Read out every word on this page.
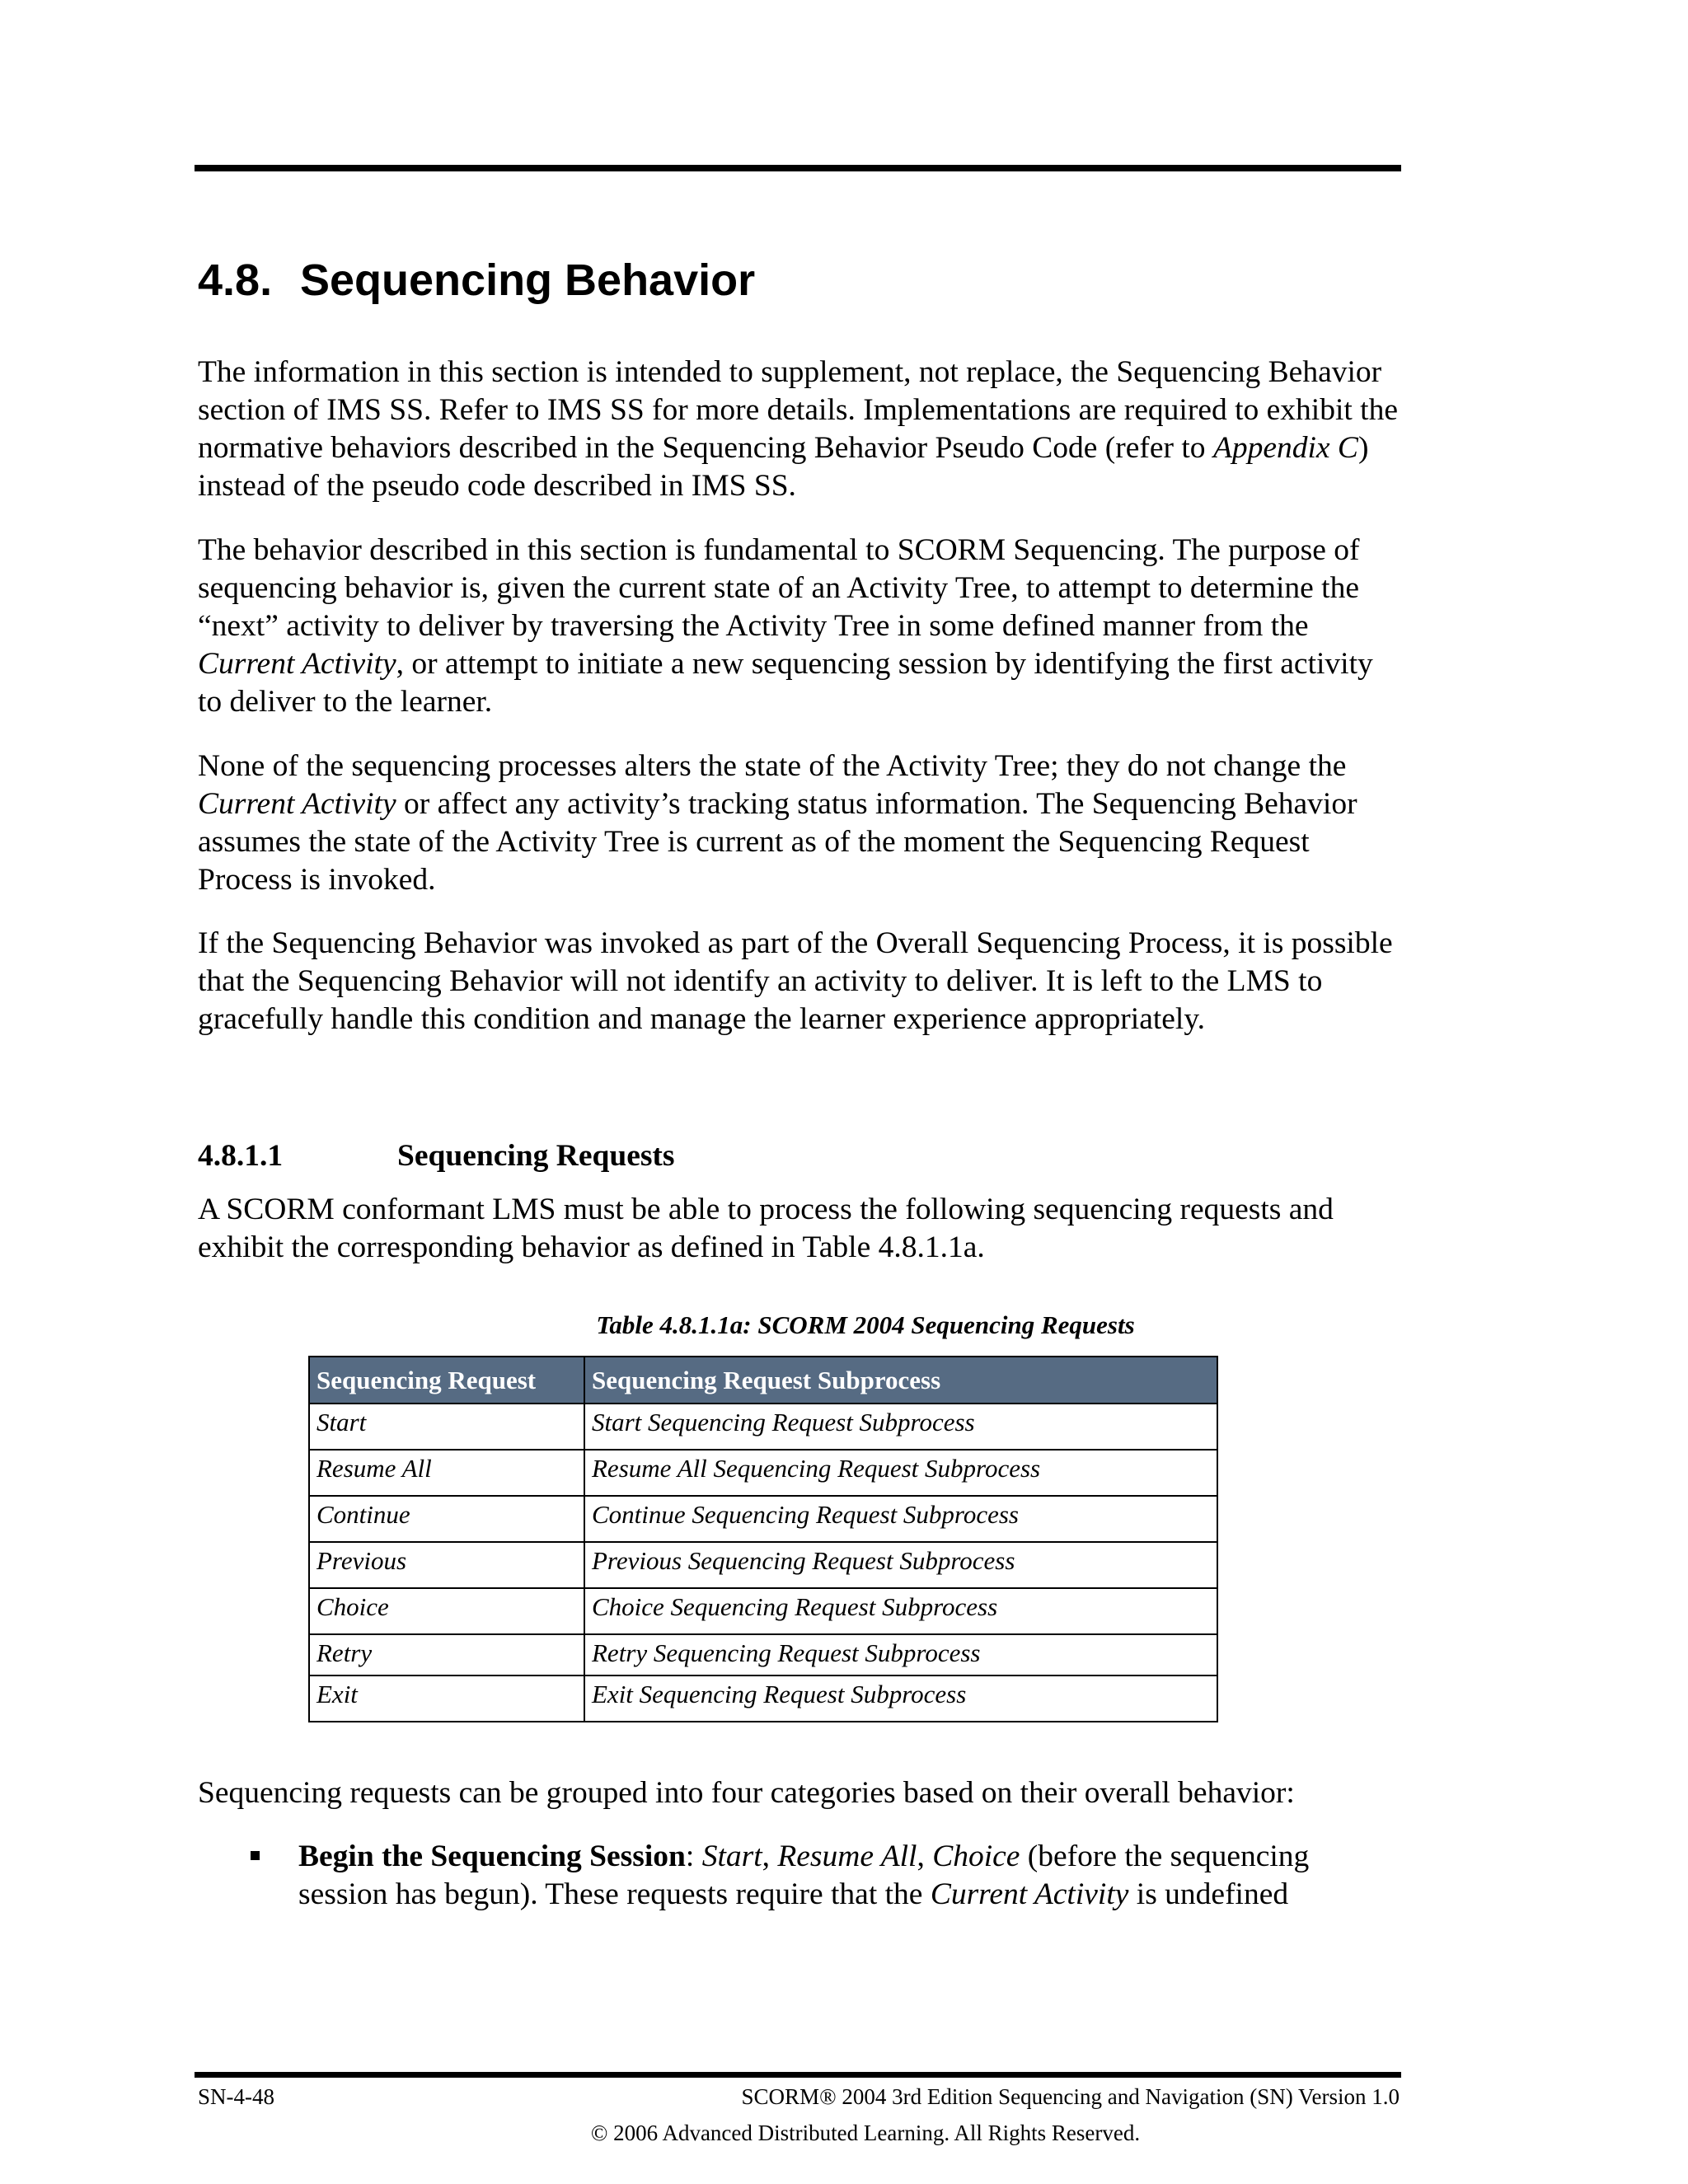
4.8. Sequencing Behavior

The information in this section is intended to supplement, not replace, the Sequencing Behavior section of IMS SS. Refer to IMS SS for more details. Implementations are required to exhibit the normative behaviors described in the Sequencing Behavior Pseudo Code (refer to Appendix C) instead of the pseudo code described in IMS SS.

The behavior described in this section is fundamental to SCORM Sequencing. The purpose of sequencing behavior is, given the current state of an Activity Tree, to attempt to determine the “next” activity to deliver by traversing the Activity Tree in some defined manner from the Current Activity, or attempt to initiate a new sequencing session by identifying the first activity to deliver to the learner.

None of the sequencing processes alters the state of the Activity Tree; they do not change the Current Activity or affect any activity’s tracking status information. The Sequencing Behavior assumes the state of the Activity Tree is current as of the moment the Sequencing Request Process is invoked.

If the Sequencing Behavior was invoked as part of the Overall Sequencing Process, it is possible that the Sequencing Behavior will not identify an activity to deliver. It is left to the LMS to gracefully handle this condition and manage the learner experience appropriately.

4.8.1.1	Sequencing Requests

A SCORM conformant LMS must be able to process the following sequencing requests and exhibit the corresponding behavior as defined in Table 4.8.1.1a.

Table 4.8.1.1a: SCORM 2004 Sequencing Requests
Sequencing Request	Sequencing Request Subprocess
Start	Start Sequencing Request Subprocess
Resume All	Resume All Sequencing Request Subprocess
Continue	Continue Sequencing Request Subprocess
Previous	Previous Sequencing Request Subprocess
Choice	Choice Sequencing Request Subprocess
Retry	Retry Sequencing Request Subprocess
Exit	Exit Sequencing Request Subprocess

Sequencing requests can be grouped into four categories based on their overall behavior:

Begin the Sequencing Session: Start, Resume All, Choice (before the sequencing session has begun). These requests require that the Current Activity is undefined
SN-4-48	SCORM® 2004 3rd Edition Sequencing and Navigation (SN) Version 1.0
© 2006 Advanced Distributed Learning. All Rights Reserved.
